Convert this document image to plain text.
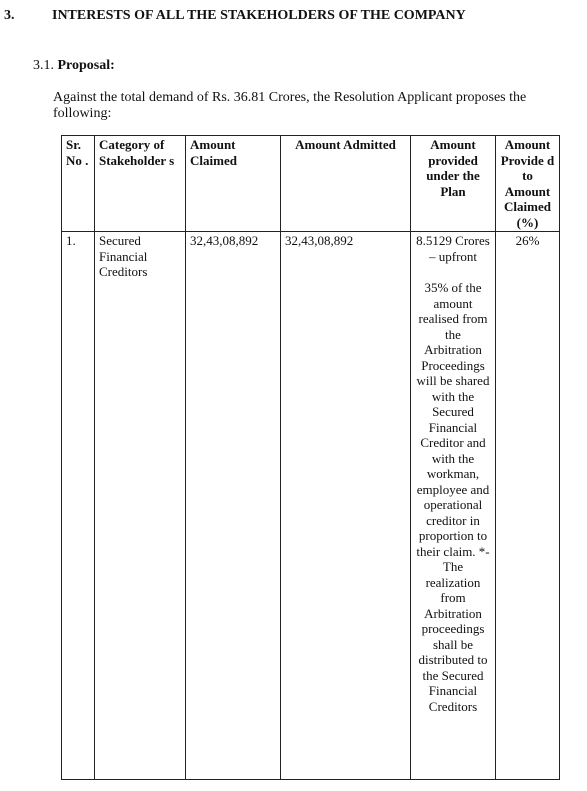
3.	INTERESTS OF ALL THE STAKEHOLDERS OF THE COMPANY
3.1. Proposal:
Against the total demand of Rs. 36.81 Crores, the Resolution Applicant proposes the following:
Sr. No .	Category of Stakeholder s	Amount Claimed	Amount Admitted	Amount provided under the Plan	Amount Provide d to Amount Claimed (%)
1.	Secured Financial Creditors	32,43,08,892	32,43,08,892	8.5129 Crores – upfront
35% of the amount realised from the Arbitration Proceedings will be shared with the Secured Financial Creditor and with the workman, employee and operational creditor in proportion to their claim. *-The realization from Arbitration proceedings shall be distributed to the Secured Financial Creditors	26%
